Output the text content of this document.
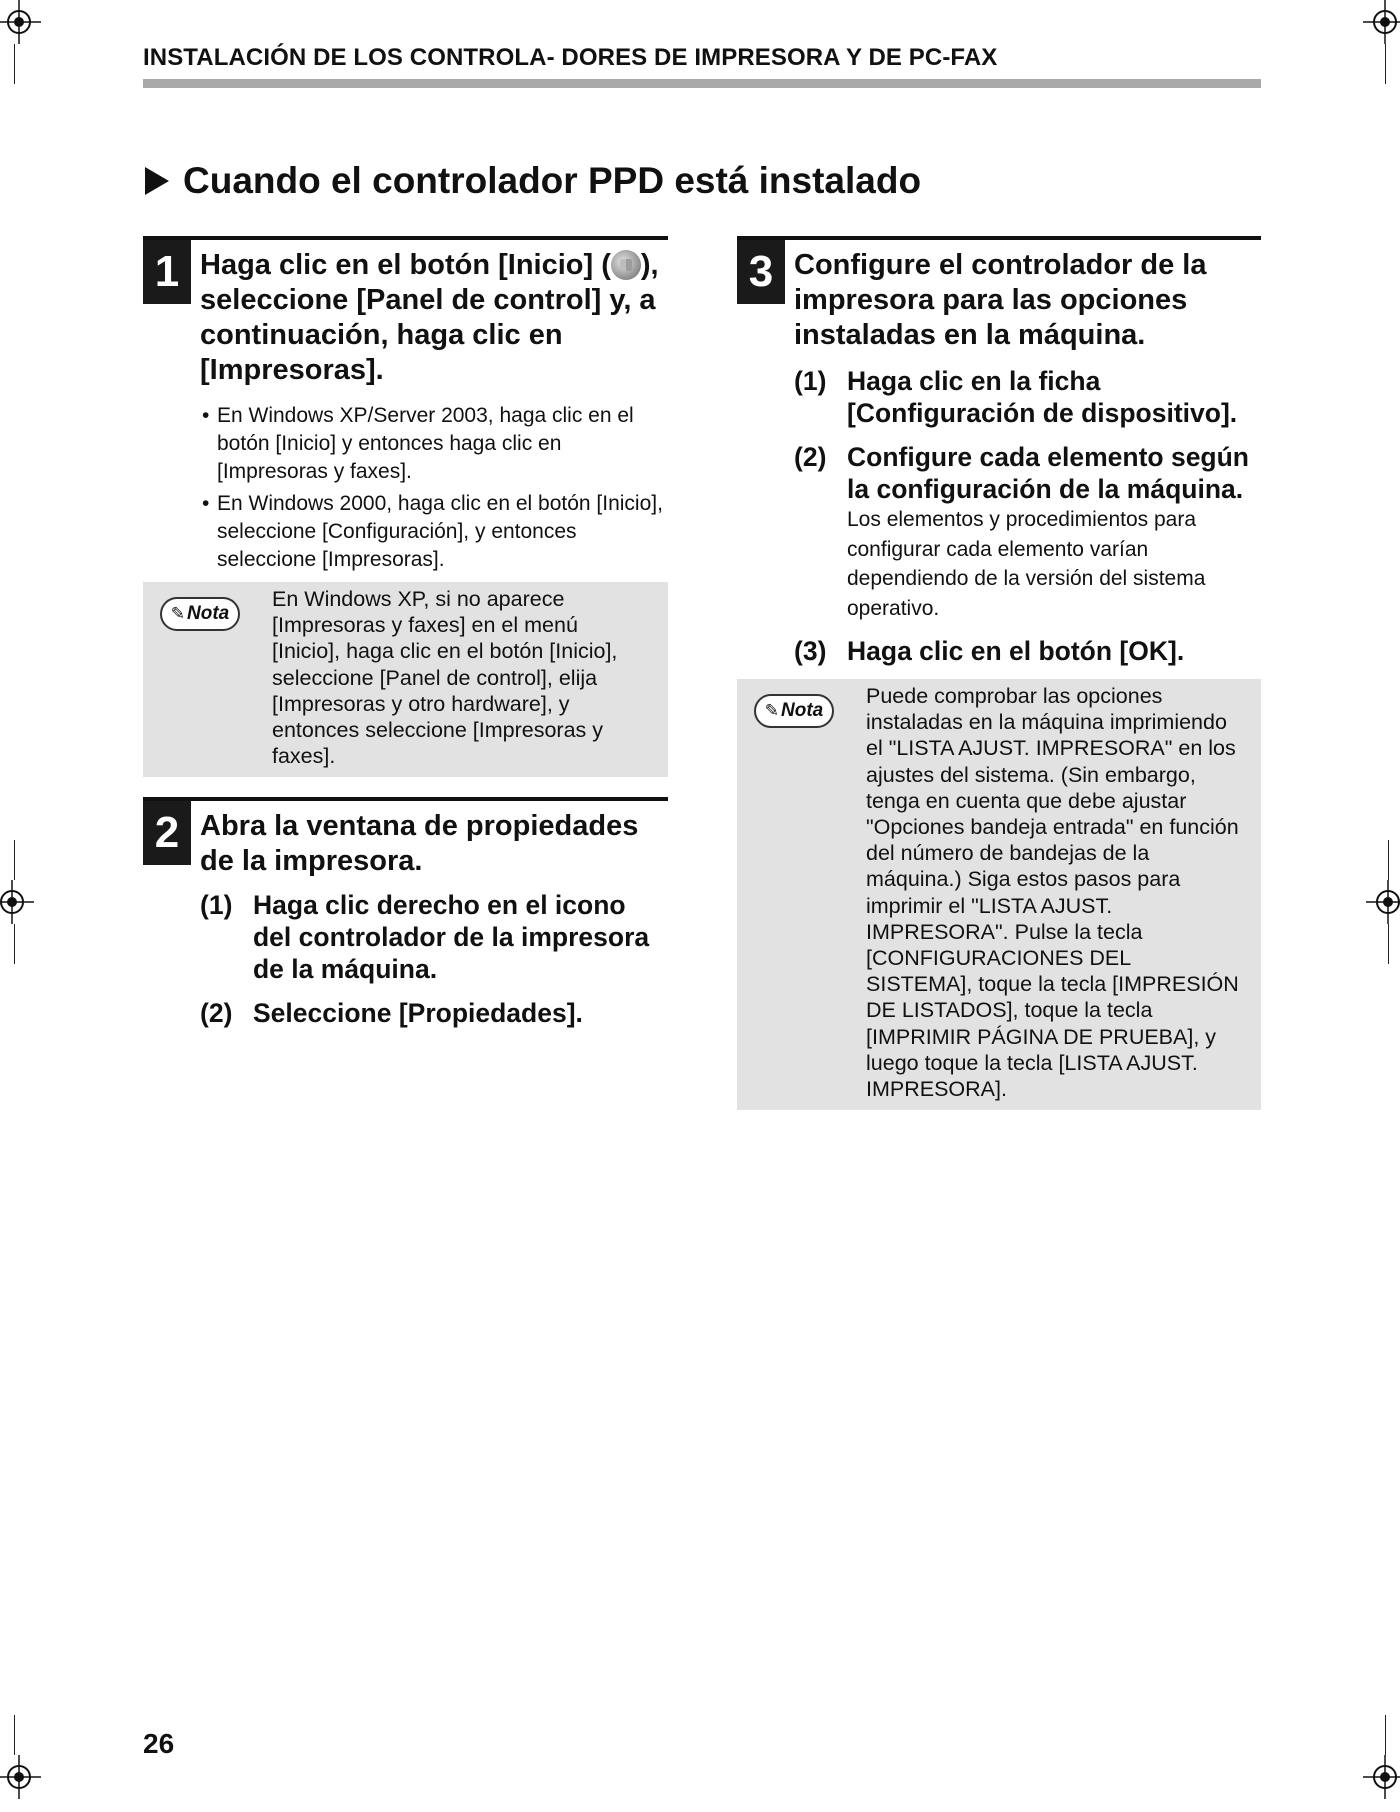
INSTALACIÓN DE LOS CONTROLA- DORES DE IMPRESORA Y DE PC-FAX
Cuando el controlador PPD está instalado
1 Haga clic en el botón [Inicio] ( ), seleccione [Panel de control] y, a continuación, haga clic en [Impresoras].
• En Windows XP/Server 2003, haga clic en el botón [Inicio] y entonces haga clic en [Impresoras y faxes].
• En Windows 2000, haga clic en el botón [Inicio], seleccione [Configuración], y entonces seleccione [Impresoras].
✎ Nota
En Windows XP, si no aparece [Impresoras y faxes] en el menú [Inicio], haga clic en el botón [Inicio], seleccione [Panel de control], elija [Impresoras y otro hardware], y entonces seleccione [Impresoras y faxes].
2 Abra la ventana de propiedades de la impresora.
(1) Haga clic derecho en el icono del controlador de la impresora de la máquina.
(2) Seleccione [Propiedades].
3 Configure el controlador de la impresora para las opciones instaladas en la máquina.
(1) Haga clic en la ficha [Configuración de dispositivo].
(2) Configure cada elemento según la configuración de la máquina.
Los elementos y procedimientos para configurar cada elemento varían dependiendo de la versión del sistema operativo.
(3) Haga clic en el botón [OK].
✎ Nota
Puede comprobar las opciones instaladas en la máquina imprimiendo el "LISTA AJUST. IMPRESORA" en los ajustes del sistema. (Sin embargo, tenga en cuenta que debe ajustar "Opciones bandeja entrada" en función del número de bandejas de la máquina.) Siga estos pasos para imprimir el "LISTA AJUST. IMPRESORA". Pulse la tecla [CONFIGURACIONES DEL SISTEMA], toque la tecla [IMPRESIÓN DE LISTADOS], toque la tecla [IMPRIMIR PÁGINA DE PRUEBA], y luego toque la tecla [LISTA AJUST. IMPRESORA].
26
